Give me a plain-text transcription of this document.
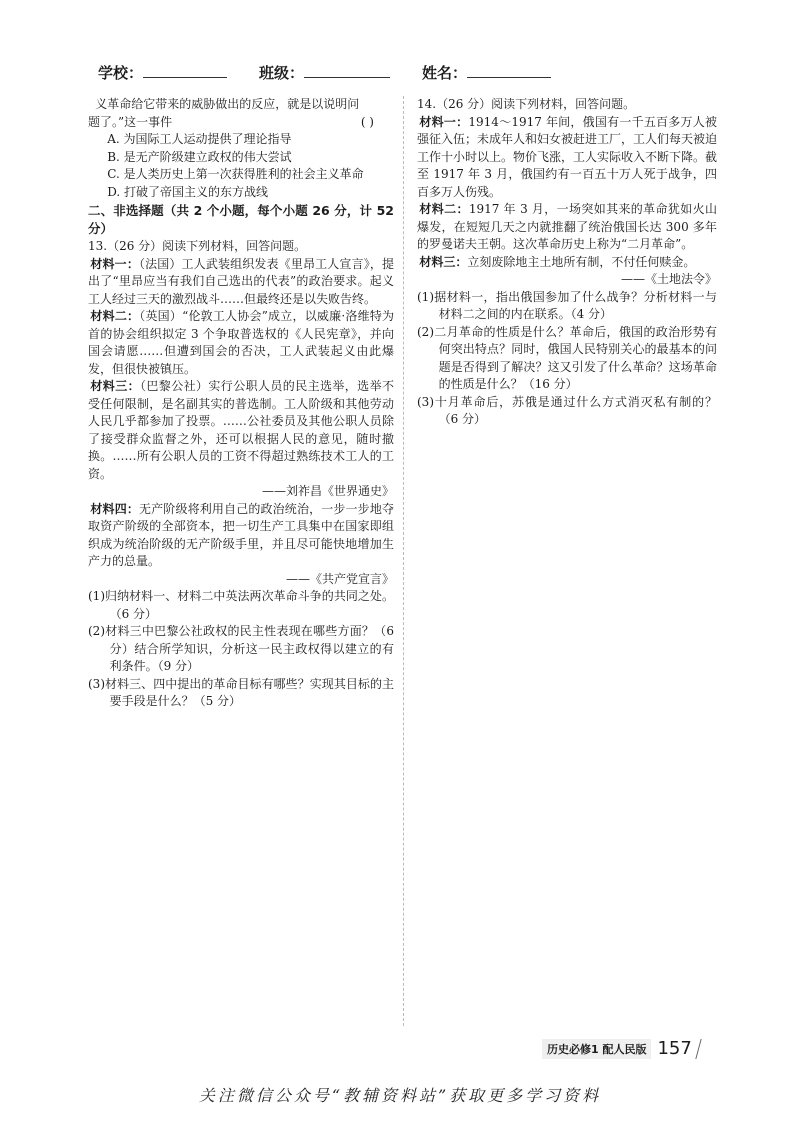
学校：	班级：	姓名：

义革命给它带来的威胁做出的反应，就是以说明问
题了。”这一事件	( )

A. 为国际工人运动提供了理论指导

B. 是无产阶级建立政权的伟大尝试

C. 是人类历史上第一次获得胜利的社会主义革命

D. 打破了帝国主义的东方战线

二、非选择题（共 2 个小题，每个小题 26 分，计 52 分）

13.（26 分）阅读下列材料，回答问题。

材料一：（法国）工人武装组织发表《里昂工人宣言》，提出了“里昂应当有我们自己选出的代表”的政治要求。起义工人经过三天的激烈战斗……但最终还是以失败告终。

材料二：（英国）“伦敦工人协会”成立，以威廉·洛维特为首的协会组织拟定 3 个争取普选权的《人民宪章》，并向国会请愿……但遭到国会的否决，工人武装起义由此爆发，但很快被镇压。

材料三：（巴黎公社）实行公职人员的民主选举，选举不受任何限制，是名副其实的普选制。工人阶级和其他劳动人民几乎都参加了投票。……公社委员及其他公职人员除了接受群众监督之外，还可以根据人民的意见，随时撤换。……所有公职人员的工资不得超过熟练技术工人的工资。

——刘祚昌《世界通史》

材料四：无产阶级将利用自己的政治统治，一步一步地夺取资产阶级的全部资本，把一切生产工具集中在国家即组织成为统治阶级的无产阶级手里，并且尽可能快地增加生产力的总量。

——《共产党宣言》

(1)归纳材料一、材料二中英法两次革命斗争的共同之处。（6 分）

(2)材料三中巴黎公社政权的民主性表现在哪些方面？（6 分）结合所学知识，分析这一民主政权得以建立的有利条件。（9 分）

(3)材料三、四中提出的革命目标有哪些？实现其目标的主要手段是什么？（5 分）

14.（26 分）阅读下列材料，回答问题。

材料一：1914～1917 年间，俄国有一千五百多万人被强征入伍；未成年人和妇女被赶进工厂，工人们每天被迫工作十小时以上。物价飞涨，工人实际收入不断下降。截至 1917 年 3 月，俄国约有一百五十万人死于战争，四百多万人伤残。

材料二：1917 年 3 月，一场突如其来的革命犹如火山爆发，在短短几天之内就推翻了统治俄国长达 300 多年的罗曼诺夫王朝。这次革命历史上称为“二月革命”。

材料三：立刻废除地主土地所有制，不付任何赎金。

——《土地法令》

(1)据材料一，指出俄国参加了什么战争？分析材料一与材料二之间的内在联系。（4 分）

(2)二月革命的性质是什么？革命后，俄国的政治形势有何突出特点？同时，俄国人民特别关心的最基本的问题是否得到了解决？这又引发了什么革命？这场革命的性质是什么？（16 分）

(3)十月革命后，苏俄是通过什么方式消灭私有制的？（6 分）

历史必修1 配人民版 157
关注微信公众号“教辅资料站”获取更多学习资料
